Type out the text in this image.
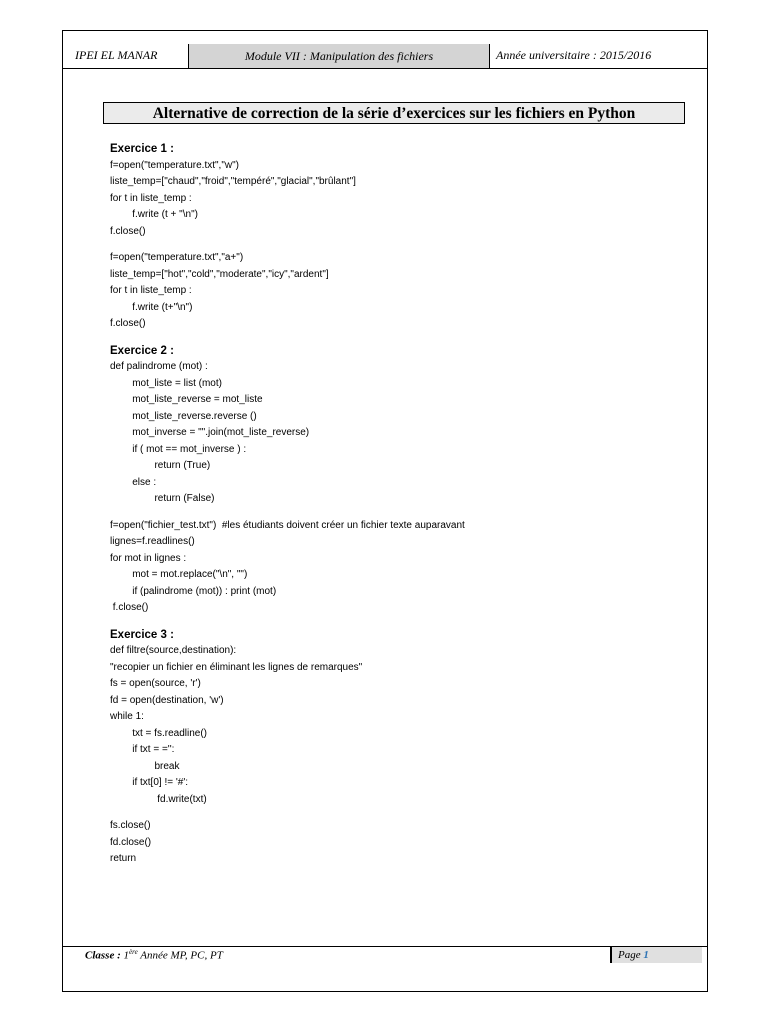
IPEI EL MANAR	Module VII : Manipulation des fichiers	Année universitaire : 2015/2016
Alternative de correction de la série d’exercices sur les fichiers en Python
Exercice 1 :
f=open("temperature.txt","w")
liste_temp=["chaud","froid","tempéré","glacial","brûlant"]
for t in liste_temp :
f.write (t + "\n")
f.close()
f=open("temperature.txt","a+")
liste_temp=["hot","cold","moderate","icy","ardent"]
for t in liste_temp :
f.write (t+"\n")
f.close()
Exercice 2 :
def palindrome (mot) :
mot_liste = list (mot)
mot_liste_reverse = mot_liste
mot_liste_reverse.reverse ()
mot_inverse = "".join(mot_liste_reverse)
if ( mot == mot_inverse ) :
return (True)
else :
return (False)
f=open("fichier_test.txt")  #les étudiants doivent créer un fichier texte auparavant
lignes=f.readlines()
for mot in lignes :
mot = mot.replace("\n", "")
if (palindrome (mot)) : print (mot)
f.close()
Exercice 3 :
def filtre(source,destination):
"recopier un fichier en éliminant les lignes de remarques"
fs = open(source, 'r')
fd = open(destination, 'w')
while 1:
txt = fs.readline()
if txt = ='':
break
if txt[0] != '#':
fd.write(txt)
fs.close()
fd.close()
return
Classe : 1ère Année MP, PC, PT	Page 1
